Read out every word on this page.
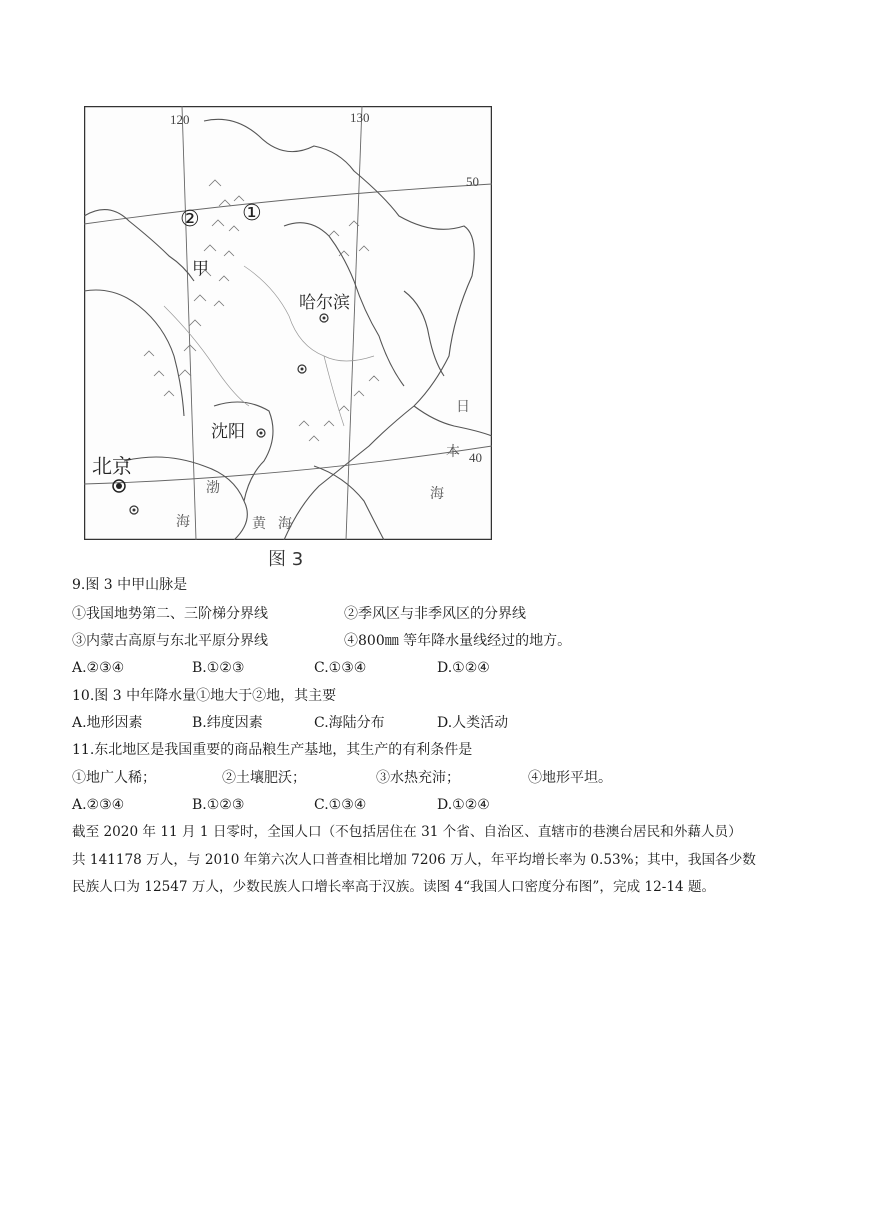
120	130
50
40
② ①
甲
哈尔滨
沈阳
北京
渤
海	黄 海
日
本
海
图 3
9.图 3 中甲山脉是
①我国地势第二、三阶梯分界线	②季风区与非季风区的分界线
③内蒙古高原与东北平原分界线	④800㎜ 等年降水量线经过的地方。
A.②③④	B.①②③	C.①③④	D.①②④
10.图 3 中年降水量①地大于②地，其主要
A.地形因素	B.纬度因素	C.海陆分布	D.人类活动
11.东北地区是我国重要的商品粮生产基地，其生产的有利条件是
①地广人稀；	②土壤肥沃；	③水热充沛；	④地形平坦。
A.②③④	B.①②③	C.①③④	D.①②④
截至 2020 年 11 月 1 日零时，全国人口（不包括居住在 31 个省、自治区、直辖市的巷澳台居民和外藉人员）
共 141178 万人，与 2010 年第六次人口普查相比增加 7206 万人，年平均增长率为 0.53%；其中，我国各少数
民族人口为 12547 万人，少数民族人口增长率高于汉族。读图 4“我国人口密度分布图”，完成 12-14 题。
